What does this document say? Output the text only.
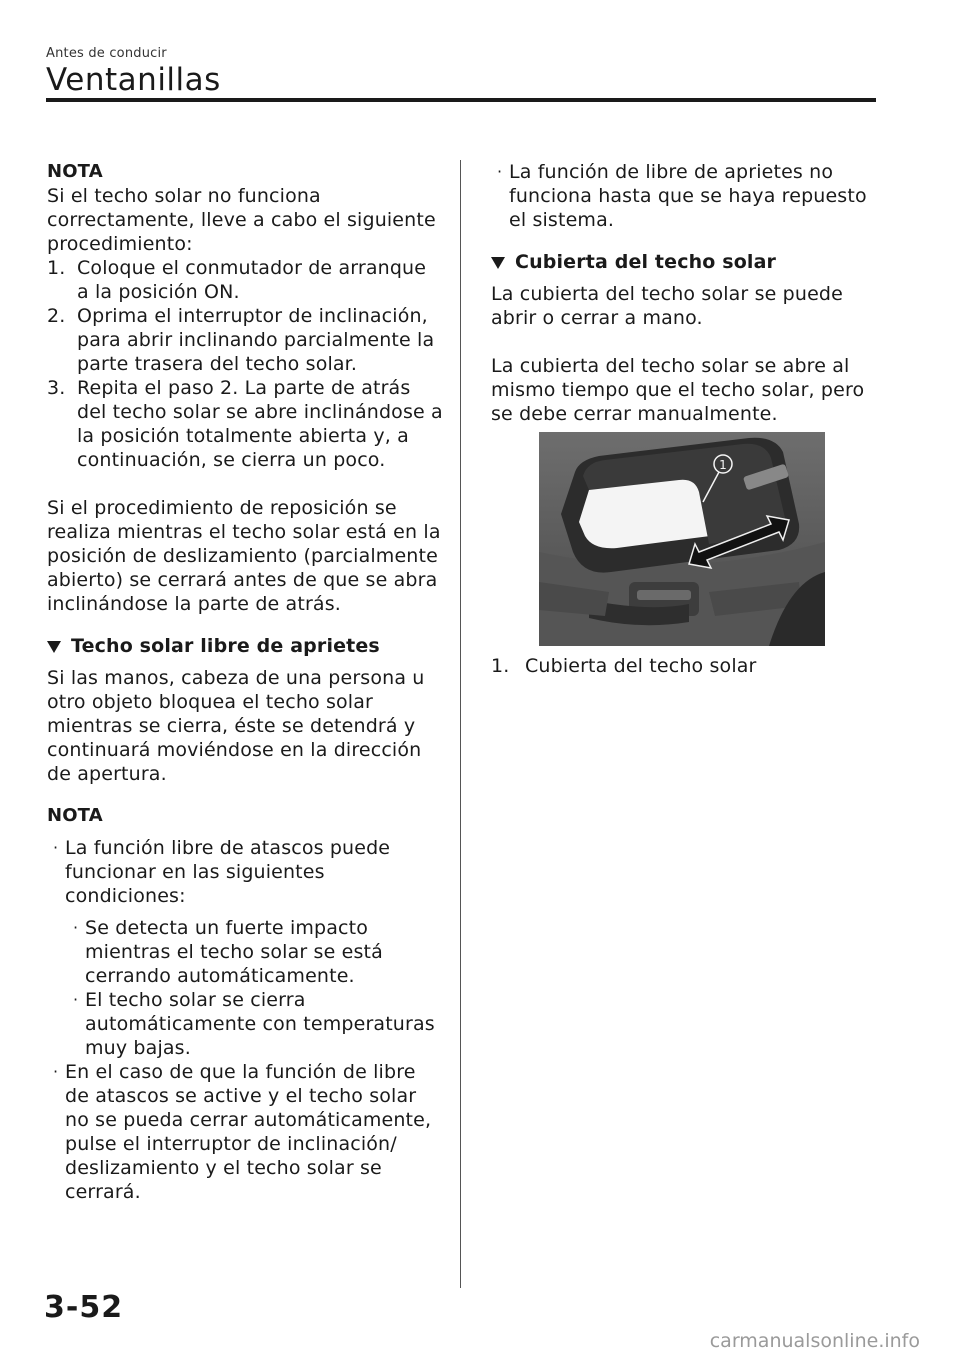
Antes de conducir
Ventanillas
NOTA

Si el techo solar no funciona correctamente, lleve a cabo el siguiente procedimiento:

1. Coloque el conmutador de arranque a la posición ON.
2. Oprima el interruptor de inclinación, para abrir inclinando parcialmente la parte trasera del techo solar.
3. Repita el paso 2. La parte de atrás del techo solar se abre inclinándose a la posición totalmente abierta y, a continuación, se cierra un poco.

Si el procedimiento de reposición se realiza mientras el techo solar está en la posición de deslizamiento (parcialmente abierto) se cerrará antes de que se abra inclinándose la parte de atrás.

Techo solar libre de aprietes

Si las manos, cabeza de una persona u otro objeto bloquea el techo solar mientras se cierra, éste se detendrá y continuará moviéndose en la dirección de apertura.

NOTA
· La función libre de atascos puede funcionar en las siguientes condiciones:
· Se detecta un fuerte impacto mientras el techo solar se está cerrando automáticamente.
· El techo solar se cierra automáticamente con temperaturas muy bajas.
· En el caso de que la función de libre de atascos se active y el techo solar no se pueda cerrar automáticamente, pulse el interruptor de inclinación/ deslizamiento y el techo solar se cerrará.
· La función de libre de aprietes no funciona hasta que se haya repuesto el sistema.
Cubierta del techo solar

La cubierta del techo solar se puede abrir o cerrar a mano.

La cubierta del techo solar se abre al mismo tiempo que el techo solar, pero se debe cerrar manualmente.

1
1. Cubierta del techo solar
3-52
carmanualsonline.info
